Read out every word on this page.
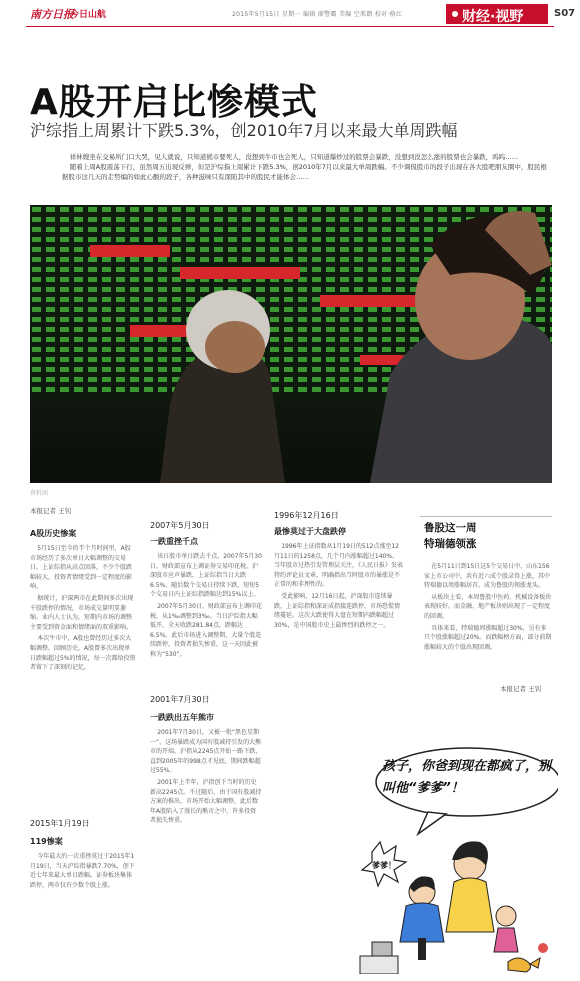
南方日报
今日山航	2015年5月15日 星期一 编辑 廖警霸 美编 空邢朗 校对·格红	财经·视野	S07
A股开启比惨模式
沪综指上周累计下跌5.3%，创2010年7月以来最大单周跌幅

祥林嫂坐在交易所门口大哭，见人就说，只知道熊市要死人，没想到牛市也会死人，只知道爆炒过的股票会暴跌，没想到没怎么涨的股票也会暴跌，呜呜……

随着上周A股震荡下行，虽然周五出现反弹，但是沪综指上周累计下跌5.3%，创2010年7月以来最大单周跌幅。不少调侃股市的段子出现在各大股吧朋友圈中，股民根据股市这几天的走势编的如此心酸的段子，各种滋味只有深陷其中的股民才能体会……

资料图
本报记者 王钊
A股历史惨案

5月15日至今的半个月时间里，A股市场经历了多次单日大幅调整的交易日。上证综指从高点回落，不少个股跌幅较大，投资者情绪受到一定程度的影响。

据统计，沪深两市在此期间多次出现千股跌停的情况，市场成交量明显萎缩。业内人士认为，短期内市场的调整主要受到资金面和情绪面的双重影响。

本次牛市中，A股也曾经历过多次大幅调整。回顾历史，A股曾多次出现单日跌幅超过5%的情况，每一次都给投资者留下了深刻的记忆。

2015年1月19日
119惨案

今年最大的一次重挫莫过于2015年1月19日，当天沪综指暴跌7.70%，创下近七年来最大单日跌幅。证券板块集体跌停，两市仅有少数个股上涨。

2007年5月30日
一跌重挫千点

该日股市单日跌去千点，2007年5月30日，财政部宣布上调证券交易印花税，沪深股市应声暴跌，上证综指当日大跌6.5%，随后数个交易日持续下跌，短短5个交易日内上证综指跌幅达到15%以上。

2007年5月30日，财政部宣布上调印花税，从1‰调整到3‰。当日沪综指大幅低开，全天收跌281.84点，跌幅达6.5%。此后市场进入调整期，大量个股连续跌停，投资者损失惨重，这一天因此被称为“530”。

2001年7月30日
一跌跌出五年熊市

2001年7月30日，又被一批“黑色星期一”，这场暴跌成为国有股减持引发的大熊市的开端。沪指从2245点开始一路下跌，直到2005年的998点才见底，期间跌幅超过55%。

2001年上半年，沪指创下当时的历史新高2245点。不过随后，由于国有股减持方案的推出，市场开始大幅调整，此后数年A股陷入了漫长的熊市之中，许多投资者损失惨重。

1996年12月16日
最惨莫过于大盘跌停

1996年上证指数从1月19日的512点涨至12月11日的1258点，几个月内涨幅超过140%。当年股市过热引发管理层关注，《人民日报》发表特约评论员文章，明确指出当时股市的暴涨是不正常的和非理性的。

受此影响，12月16日起，沪深股市连续暴跌，上证综指和深证成指接连跌停，市场恐慌情绪蔓延。这次大跌使得大盘在短期内跌幅超过30%，是中国股市史上最惨烈的跌停之一。

鲁股这一周
特瑞德领涨

在5月11日到15日这5个交易日中，山东156家上市公司中，共有近六成个股录得上涨，其中特瑞德以周涨幅居首，成为鲁股的领涨龙头。

从板块上看，本周鲁股中医药、机械设备板块表现较好，而金融、地产板块则出现了一定程度的回调。

具体来看，特瑞德周涨幅超过30%，另有多只个股涨幅超过20%。而跌幅榜方面，部分前期涨幅较大的个股出现回调。

本报记者 王钊
孩子，你爸到现在都疯了，别叫他“爹爹”！
爹爹！
